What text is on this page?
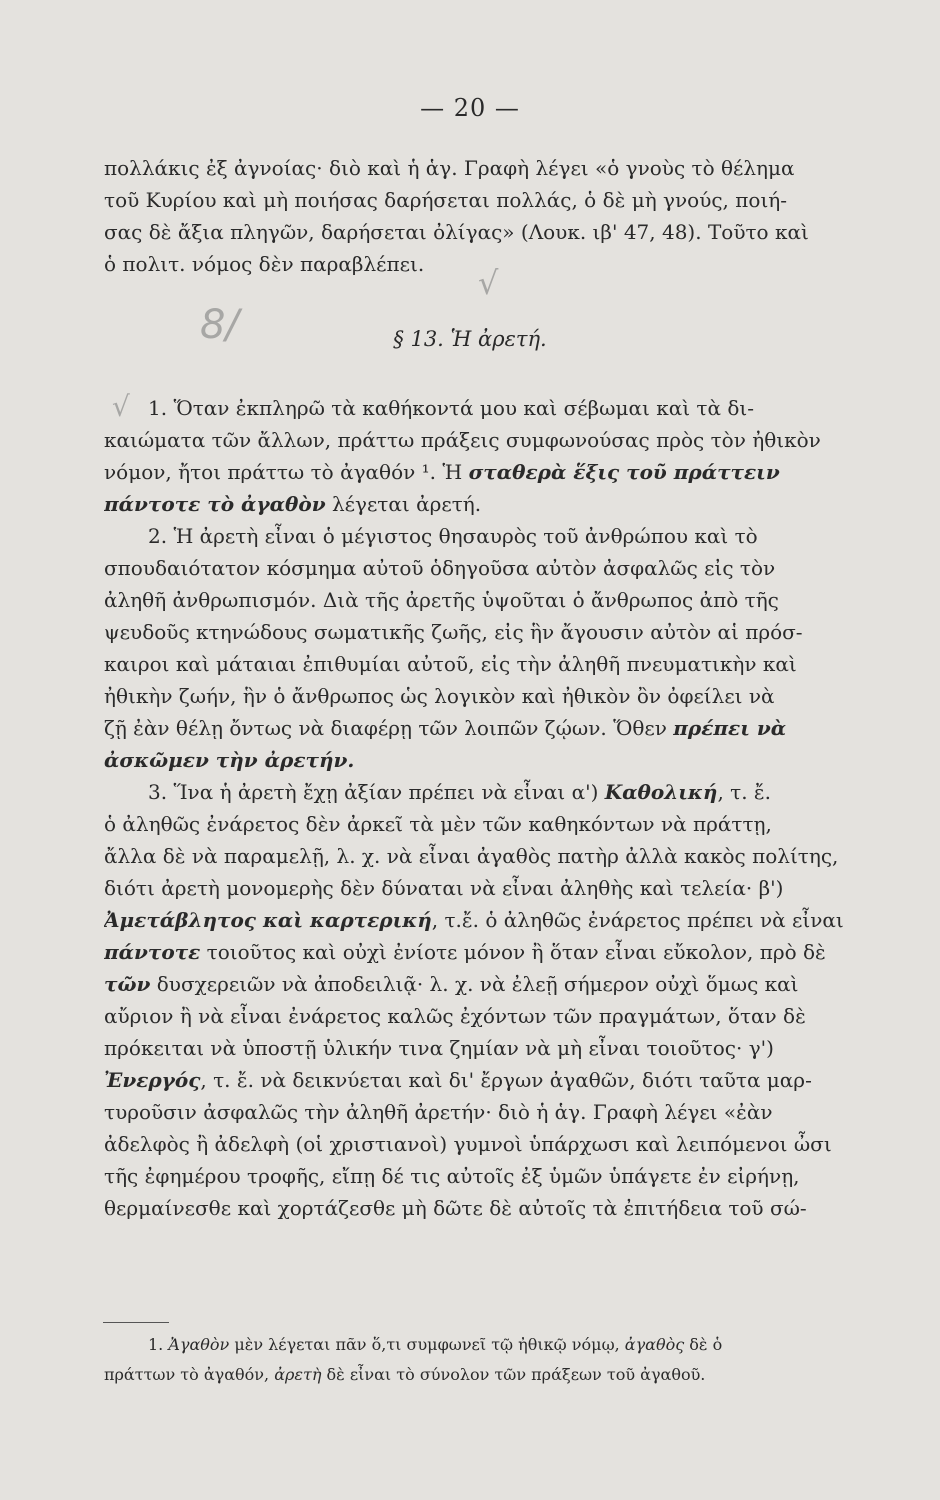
— 20 —
πολλάκις ἐξ ἀγνοίας· διὸ καὶ ἡ ἁγ. Γραφὴ λέγει «ὁ γνοὺς τὸ θέλημα
τοῦ Κυρίου καὶ μὴ ποιήσας δαρήσεται πολλάς, ὁ δὲ μὴ γνούς, ποιή-
σας δὲ ἄξια πληγῶν, δαρήσεται ὀλίγας» (Λουκ. ιβ' 47, 48). Τοῦτο καὶ
ὁ πολιτ. νόμος δὲν παραβλέπει.
8/
√
√
§ 13. Ἡ ἀρετή.
1. Ὅταν ἐκπληρῶ τὰ καθήκοντά μου καὶ σέβωμαι καὶ τὰ δι-
καιώματα τῶν ἄλλων, πράττω πράξεις συμφωνούσας πρὸς τὸν ἠθικὸν
νόμον, ἤτοι πράττω τὸ ἀγαθόν ¹. Ἡ σταθερὰ ἕξις τοῦ πράττειν
πάντοτε τὸ ἀγαθὸν λέγεται ἀρετή.
2. Ἡ ἀρετὴ εἶναι ὁ μέγιστος θησαυρὸς τοῦ ἀνθρώπου καὶ τὸ
σπουδαιότατον κόσμημα αὐτοῦ ὁδηγοῦσα αὐτὸν ἀσφαλῶς εἰς τὸν
ἀληθῆ ἀνθρωπισμόν. Διὰ τῆς ἀρετῆς ὑψοῦται ὁ ἄνθρωπος ἀπὸ τῆς
ψευδοῦς κτηνώδους σωματικῆς ζωῆς, εἰς ἣν ἄγουσιν αὐτὸν αἱ πρόσ-
καιροι καὶ μάταιαι ἐπιθυμίαι αὐτοῦ, εἰς τὴν ἀληθῆ πνευματικὴν καὶ
ἠθικὴν ζωήν, ἣν ὁ ἄνθρωπος ὡς λογικὸν καὶ ἠθικὸν ὂν ὀφείλει νὰ
ζῇ ἐὰν θέλῃ ὄντως νὰ διαφέρῃ τῶν λοιπῶν ζῴων. Ὅθεν πρέπει νὰ
ἀσκῶμεν τὴν ἀρετήν.
3. Ἵνα ἡ ἀρετὴ ἔχῃ ἀξίαν πρέπει νὰ εἶναι α') Καθολική, τ. ἔ.
ὁ ἀληθῶς ἐνάρετος δὲν ἀρκεῖ τὰ μὲν τῶν καθηκόντων νὰ πράττῃ,
ἄλλα δὲ νὰ παραμελῇ, λ. χ. νὰ εἶναι ἀγαθὸς πατὴρ ἀλλὰ κακὸς πολίτης,
διότι ἀρετὴ μονομερὴς δὲν δύναται νὰ εἶναι ἀληθὴς καὶ τελεία· β')
Ἀμετάβλητος καὶ καρτερική, τ.ἔ. ὁ ἀληθῶς ἐνάρετος πρέπει νὰ εἶναι
πάντοτε τοιοῦτος καὶ οὐχὶ ἐνίοτε μόνον ἢ ὅταν εἶναι εὔκολον, πρὸ δὲ
τῶν δυσχερειῶν νὰ ἀποδειλιᾷ· λ. χ. νὰ ἐλεῇ σήμερον οὐχὶ ὅμως καὶ
αὔριον ἢ νὰ εἶναι ἐνάρετος καλῶς ἐχόντων τῶν πραγμάτων, ὅταν δὲ
πρόκειται νὰ ὑποστῇ ὑλικήν τινα ζημίαν νὰ μὴ εἶναι τοιοῦτος· γ')
Ἐνεργός, τ. ἔ. νὰ δεικνύεται καὶ δι' ἔργων ἀγαθῶν, διότι ταῦτα μαρ-
τυροῦσιν ἀσφαλῶς τὴν ἀληθῆ ἀρετήν· διὸ ἡ ἁγ. Γραφὴ λέγει «ἐὰν
ἀδελφὸς ἢ ἀδελφὴ (οἱ χριστιανοὶ) γυμνοὶ ὑπάρχωσι καὶ λειπόμενοι ὦσι
τῆς ἐφημέρου τροφῆς, εἴπῃ δέ τις αὐτοῖς ἐξ ὑμῶν ὑπάγετε ἐν εἰρήνῃ,
θερμαίνεσθε καὶ χορτάζεσθε μὴ δῶτε δὲ αὐτοῖς τὰ ἐπιτήδεια τοῦ σώ-
1. Ἀγαθὸν μὲν λέγεται πᾶν ὅ,τι συμφωνεῖ τῷ ἠθικῷ νόμῳ, ἀγαθὸς δὲ ὁ
πράττων τὸ ἀγαθόν, ἀρετὴ δὲ εἶναι τὸ σύνολον τῶν πράξεων τοῦ ἀγαθοῦ.
